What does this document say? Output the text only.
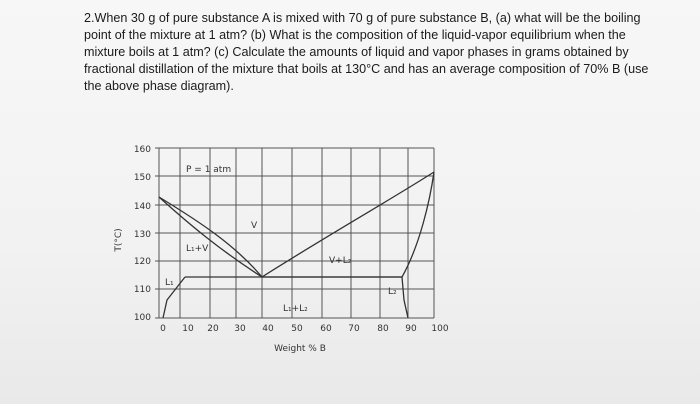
2.When 30 g of pure substance A is mixed with 70 g of pure substance B, (a) what will be the boiling
point of the mixture at 1 atm? (b) What is the composition of the liquid-vapor equilibrium when the
mixture boils at 1 atm? (c) Calculate the amounts of liquid and vapor phases in grams obtained by
fractional distillation of the mixture that boils at 130°C and has an average composition of 70% B (use
the above phase diagram).
160
150
140
130
120
110
100
0 10 20 30 40 50 60 70 80 90 100
Weight % B
T(°C)
P = 1 atm
V
L₁+V
V+L₂
L₁
L₂
L₁+L₂
